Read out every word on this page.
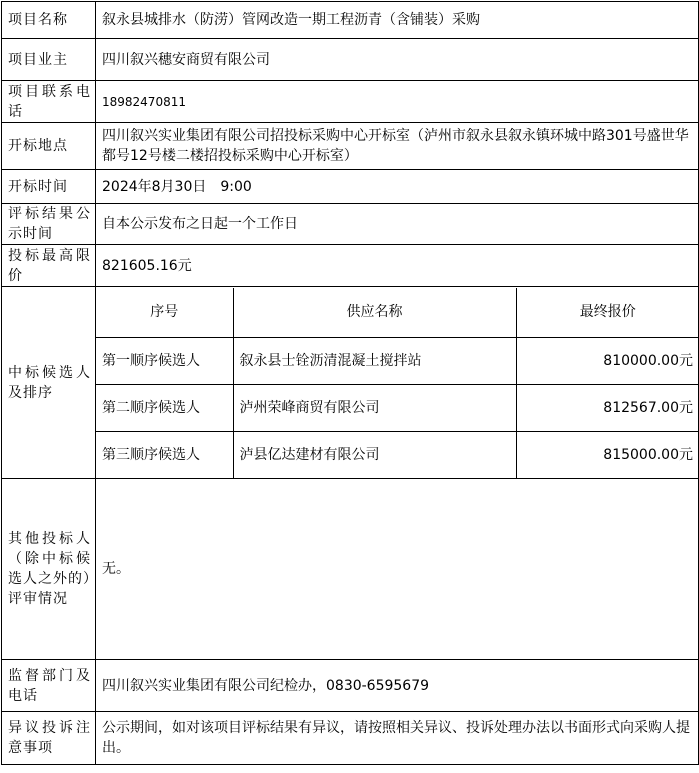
项目名称	叙永县城排水（防涝）管网改造一期工程沥青（含铺装）采购
项目业主	四川叙兴穗安商贸有限公司
项目联系电话	18982470811
开标地点	四川叙兴实业集团有限公司招投标采购中心开标室（泸州市叙永县叙永镇环城中路301号盛世华都号12号楼二楼招投标采购中心开标室）
开标时间	2024年8月30日　9:00
评标结果公示时间	自本公示发布之日起一个工作日
投标最高限价	821605.16元
中标候选人及排序	
序号	供应名称	最终报价
第一顺序候选人	叙永县士铨沥清混凝土搅拌站	810000.00元
第二顺序候选人	泸州荣峰商贸有限公司	812567.00元
第三顺序候选人	泸县亿达建材有限公司	815000.00元

其他投标人（除中标候选人之外的）评审情况	无。
监督部门及电话	四川叙兴实业集团有限公司纪检办，0830-6595679
异议投诉注意事项	公示期间，如对该项目评标结果有异议，请按照相关异议、投诉处理办法以书面形式向采购人提出。
